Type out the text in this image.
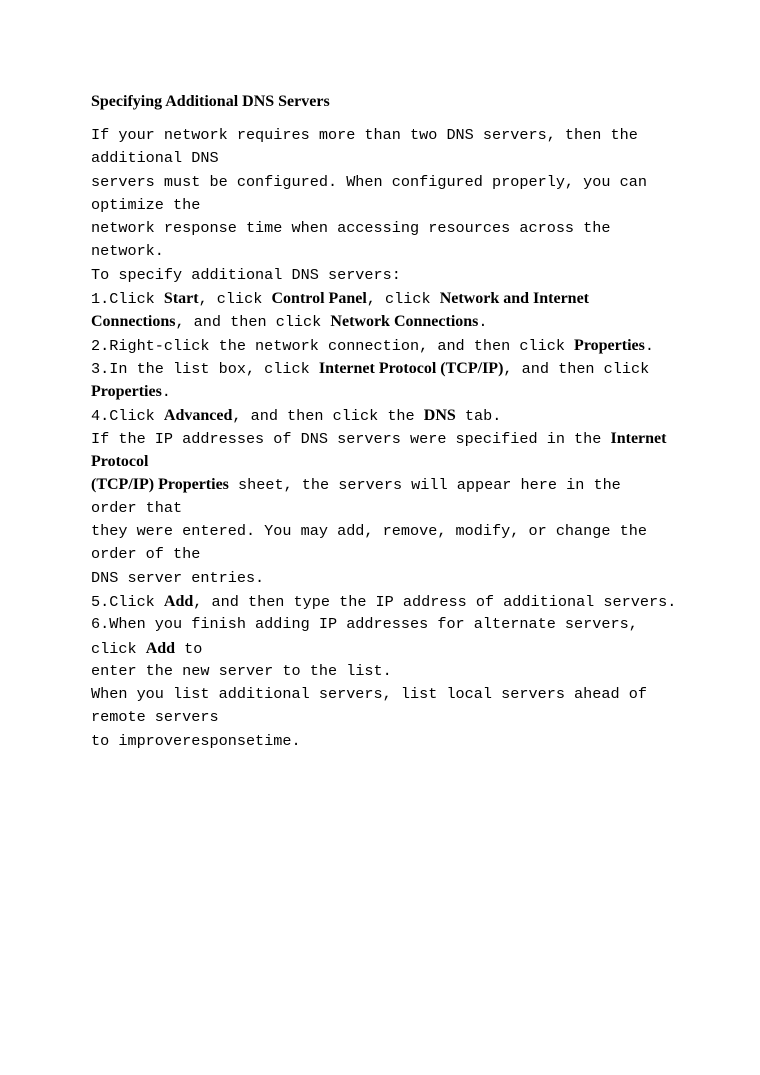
Specifying Additional DNS Servers
If your network requires more than two DNS servers, then the
additional DNS
servers must be configured. When configured properly, you can
optimize the
network response time when accessing resources across the
network.
To specify additional DNS servers:
1.Click Start, click Control Panel, click Network and Internet
Connections, and then click Network Connections.
2.Right-click the network connection, and then click Properties.
3.In the list box, click Internet Protocol (TCP/IP), and then click
Properties.
4.Click Advanced, and then click the DNS tab.
If the IP addresses of DNS servers were specified in the Internet
Protocol
(TCP/IP) Properties sheet, the servers will appear here in the
order that
they were entered. You may add, remove, modify, or change the
order of the
DNS server entries.
5.Click Add, and then type the IP address of additional servers.
6.When you finish adding IP addresses for alternate servers,
click Add to
enter the new server to the list.
When you list additional servers, list local servers ahead of
remote servers
to improveresponsetime.
